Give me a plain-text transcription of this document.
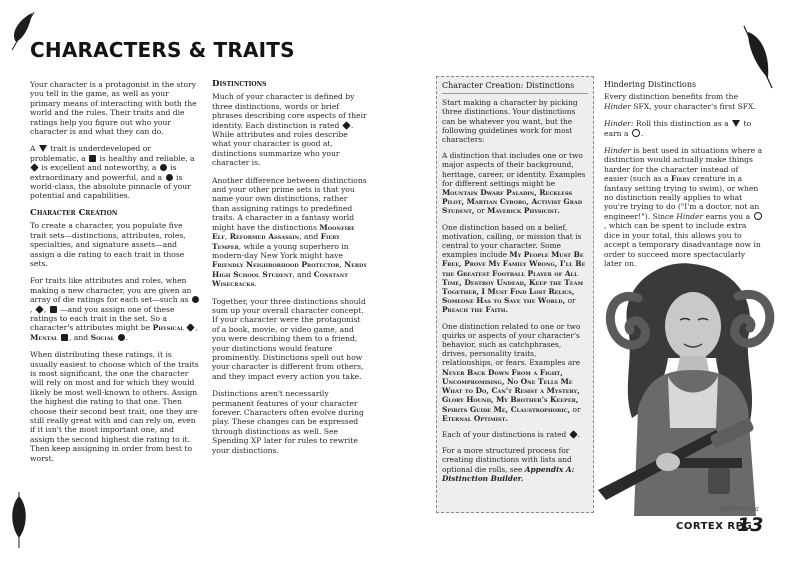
CHARACTERS & TRAITS

Your character is a protagonist in the story you tell in the game, as well as your primary means of interacting with both the world and the rules. Their traits and die ratings help you figure out who your character is and what they can do.

A trait is underdeveloped or problematic, a is healthy and reliable, a  is excellent and noteworthy, a is extraordinary and powerful, and a is world-class, the absolute pinnacle of your potential and capabilities.

Character Creation

To create a character, you populate five trait sets—distinctions, attributes, roles, specialties, and signature assets—and assign a die rating to each trait in those sets.

For traits like attributes and roles, when making a new character, you are given an array of die ratings for each set—such as , ,  —and you assign one of these ratings to each trait in the set. So a character's attributes might be Physical , Mental , and Social .

When distributing these ratings, it is usually easiest to choose which of the traits is most significant, the one the character will rely on most and for which they would likely be most well-known to others. Assign the highest die rating to that one. Then choose their second best trait, one they are still really great with and can rely on, even if it isn't the most important one, and assign the second highest die rating to it. Then keep assigning in order from best to worst.

Distinctions

Much of your character is defined by three distinctions, words or brief phrases describing core aspects of their identity. Each distinction is rated . While attributes and roles describe what your character is good at, distinctions summarize who your character is.

Another difference between distinctions and your other prime sets is that you name your own distinctions, rather than assigning ratings to predefined traits. A character in a fantasy world might have the distinctions Moonfire Elf, Reformed Assassin, and Fiery Temper, while a young superhero in modern-day New York might have Friendly Neighborhood Protector, Nerdy High School Student, and Constant Wisecracks.

Together, your three distinctions should sum up your overall character concept. If your character were the protagonist of a book, movie, or video game, and you were describing them to a friend, your distinctions would feature prominently. Distinctions spell out how your character is different from others, and they impact every action you take.

Distinctions aren't necessarily permanent features of your character forever. Characters often evolve during play. These changes can be expressed through distinctions as well. See Spending XP later for rules to rewrite your distinctions.

Character Creation: Distinctions

Start making a character by picking three distinctions. Your distinctions can be whatever you want, but the following guidelines work for most characters:

A distinction that includes one or two major aspects of their background, heritage, career, or identity. Examples for different settings might be Mountain Dwarf Paladin, Reckless Pilot, Martian Cyborg, Activist Grad Student, or Maverick Physicist.

One distinction based on a belief, motivation, calling, or mission that is central to your character. Some examples include My People Must Be Free, Prove My Family Wrong, I'll Be the Greatest Football Player of All Time, Destroy Undead, Keep the Team Together, I Must Find Lost Relics, Someone Has to Save the World, or Preach the Faith.

One distinction related to one or two quirks or aspects of your character's behavior, such as catchphrases, drives, personality traits, relationships, or fears. Examples are Never Back Down From a Fight, Uncompromising, No One Tells Me What to Do, Can't Resist a Mystery, Glory Hound, My Brother's Keeper, Spirits Guide Me, Claustrophobic, or Eternal Optimist.

Each of your distinctions is rated .

For a more structured process for creating distinctions with lists and optional die rolls, see Appendix A: Distinction Builder.

Hindering Distinctions

Every distinction benefits from the Hinder SFX, your character's first SFX.

Hinder: Roll this distinction as a to earn a .

Hinder is best used in situations where a distinction would actually make things harder for the character instead of easier (such as a Fiery creature in a fantasy setting trying to swim), or when no distinction really applies to what you're trying to do ("I'm a doctor, not an engineer!"). Since Hinder earns you a , which can be spent to include extra dice in your total, this allows you to accept a temporary disadvantage now in order to succeed more spectacularly later on.

DeFerreira
CORTEX RPG
13
